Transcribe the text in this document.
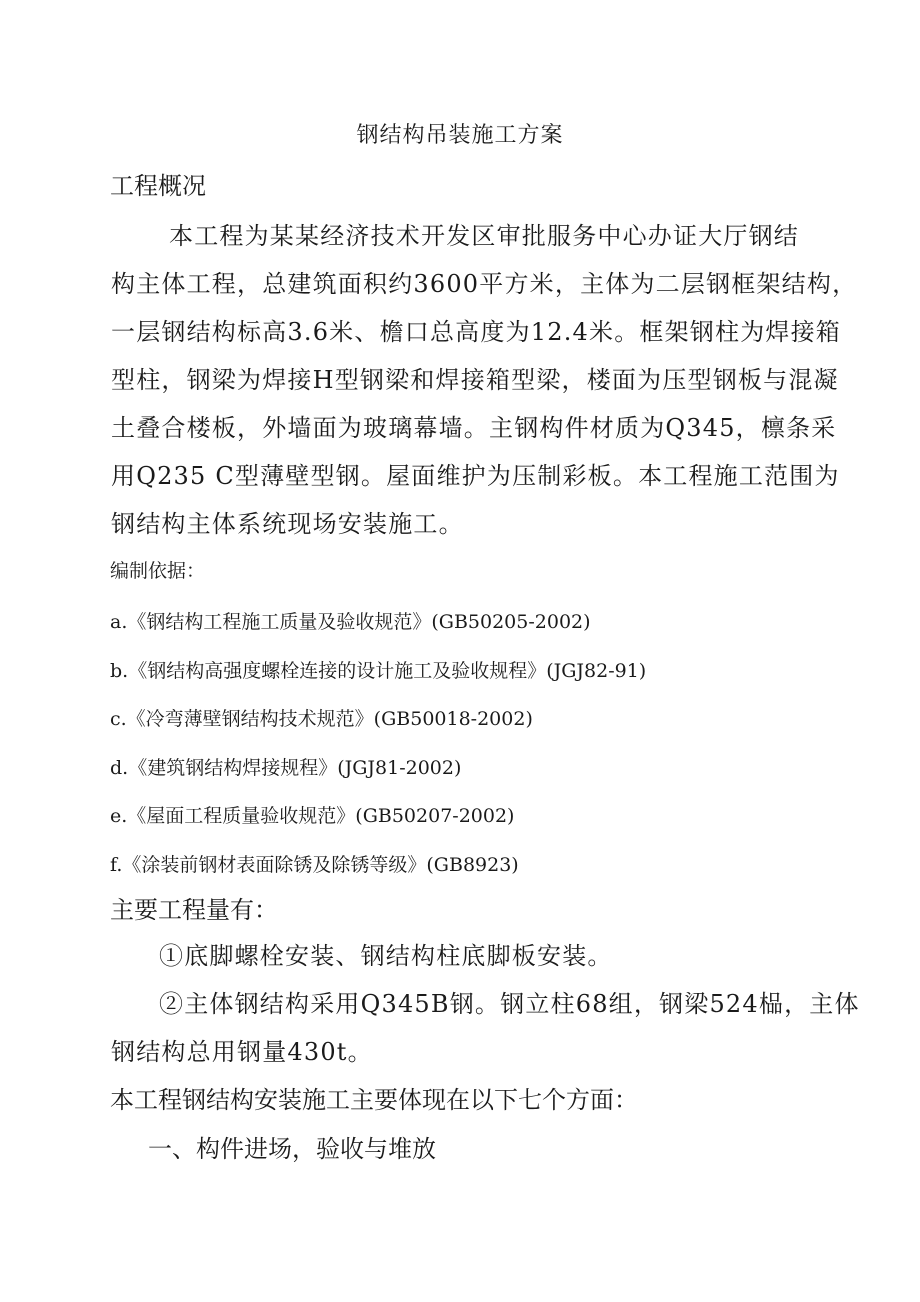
钢结构吊装施工方案
工程概况
本工程为某某经济技术开发区审批服务中心办证大厅钢结
构主体工程，总建筑面积约3600平方米，主体为二层钢框架结构，
一层钢结构标高3.6米、檐口总高度为12.4米。框架钢柱为焊接箱
型柱，钢梁为焊接H型钢梁和焊接箱型梁，楼面为压型钢板与混凝
土叠合楼板，外墙面为玻璃幕墙。主钢构件材质为Q345，檩条采
用Q235 C型薄壁型钢。屋面维护为压制彩板。本工程施工范围为
钢结构主体系统现场安装施工。
编制依据：
a.《钢结构工程施工质量及验收规范》(GB50205-2002)
b.《钢结构高强度螺栓连接的设计施工及验收规程》(JGJ82-91)
c.《冷弯薄壁钢结构技术规范》(GB50018-2002)
d.《建筑钢结构焊接规程》(JGJ81-2002)
e.《屋面工程质量验收规范》(GB50207-2002)
f.《涂装前钢材表面除锈及除锈等级》(GB8923)
主要工程量有：
①底脚螺栓安装、钢结构柱底脚板安装。
②主体钢结构采用Q345B钢。钢立柱68组，钢梁524榀，主体
钢结构总用钢量430t。
本工程钢结构安装施工主要体现在以下七个方面：
一、构件进场，验收与堆放
